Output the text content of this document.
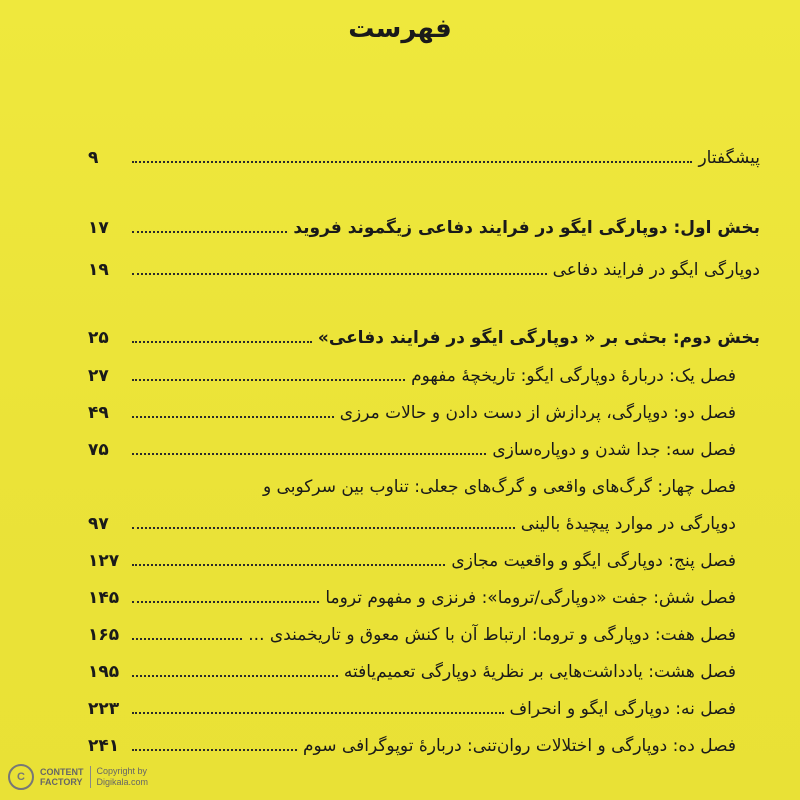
فهرست
پیشگفتار
۹
بخش اول: دوپارگی ایگو در فرایند دفاعی زیگموند فروید
۱۷
دوپارگی ایگو در فرایند دفاعی
۱۹
بخش دوم: بحثی بر « دوپارگی ایگو در فرایند دفاعی»
۲۵
فصل یک: دربارهٔ دوپارگی ایگو: تاریخچهٔ مفهوم
۲۷
فصل دو: دوپارگی، پردازش از دست دادن و حالات مرزی
۴۹
فصل سه: جدا شدن و دوپاره‌سازی
۷۵
فصل چهار: گرگ‌های واقعی و گرگ‌های جعلی: تناوب بین سرکوبی و
دوپارگی در موارد پیچیدهٔ بالینی
۹۷
فصل پنج: دوپارگی ایگو و واقعیت مجازی
۱۲۷
فصل شش: جفت «دوپارگی/تروما»: فرنزی و مفهوم تروما
۱۴۵
فصل هفت: دوپارگی و تروما: ارتباط آن با کنش معوق و تاریخمندی ...
۱۶۵
فصل هشت: یادداشت‌هایی بر نظریهٔ دوپارگی تعمیم‌یافته
۱۹۵
فصل نه: دوپارگی ایگو و انحراف
۲۲۳
فصل ده: دوپارگی و اختلالات روان‌تنی: دربارهٔ توپوگرافی سوم
۲۴۱
C	CONTENT
FACTORY
Copyright by
Digikala.com
